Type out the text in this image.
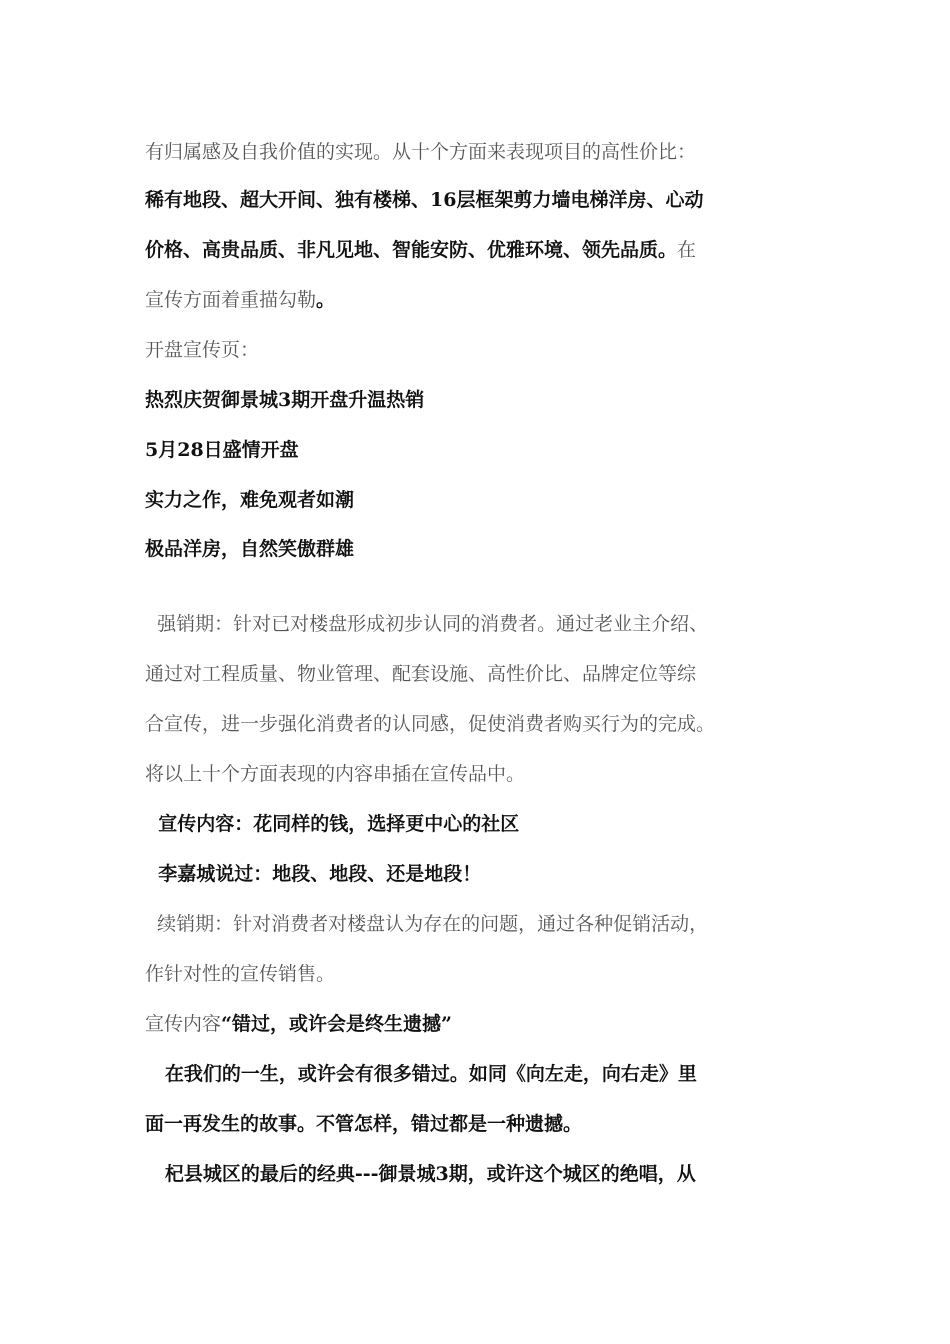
有归属感及自我价值的实现。从十个方面来表现项目的高性价比：
稀有地段、超大开间、独有楼梯、16层框架剪力墙电梯洋房、心动
价格、高贵品质、非凡见地、智能安防、优雅环境、领先品质。在
宣传方面着重描勾勒。
开盘宣传页：
热烈庆贺御景城3期开盘升温热销
5月28日盛情开盘
实力之作，难免观者如潮
极品洋房，自然笑傲群雄
强销期：针对已对楼盘形成初步认同的消费者。通过老业主介绍、
通过对工程质量、物业管理、配套设施、高性价比、品牌定位等综
合宣传，进一步强化消费者的认同感，促使消费者购买行为的完成。
将以上十个方面表现的内容串插在宣传品中。
宣传内容：花同样的钱，选择更中心的社区
李嘉城说过：地段、地段、还是地段！
续销期：针对消费者对楼盘认为存在的问题，通过各种促销活动，
作针对性的宣传销售。
宣传内容“错过，或许会是终生遗撼”
在我们的一生，或许会有很多错过。如同《向左走，向右走》里
面一再发生的故事。不管怎样，错过都是一种遗撼。
杞县城区的最后的经典---御景城3期，或许这个城区的绝唱，从
